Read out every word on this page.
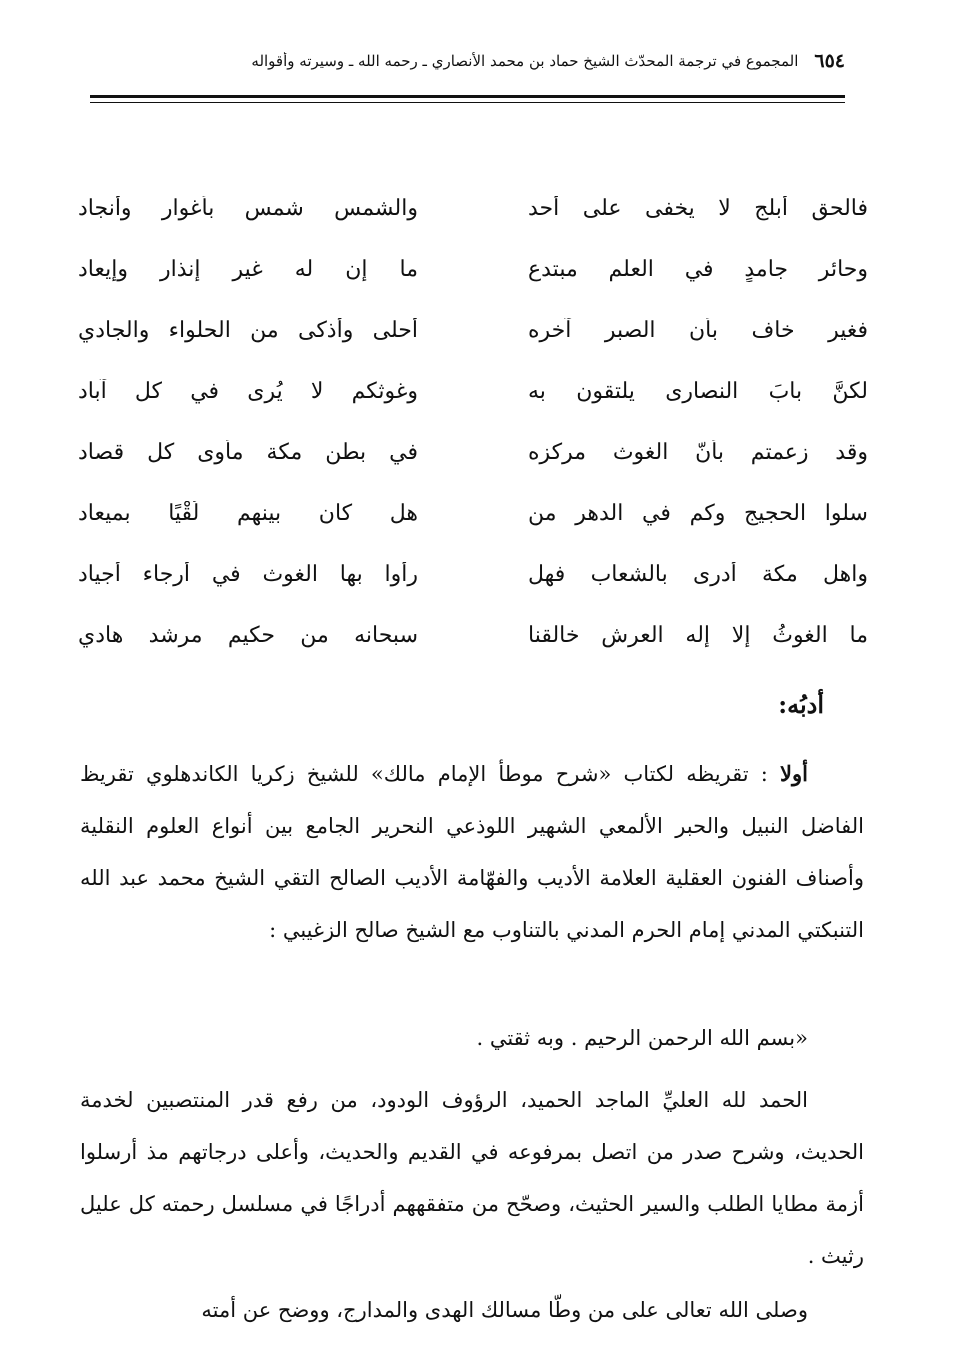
٦٥٤
المجموع في ترجمة المحدّث الشيخ حماد بن محمد الأنصاري ـ رحمه الله ـ وسيرته وأقواله
فالحق أبلج لا يخفى على أحد
والشمس شمس بأغوار وأنجاد
وحائر جامدٍ في العلم مبتدع
ما إن له غير إنذار وإيعاد
فغير خاف بأن الصبر آخره
أحلى وأذكى من الحلواء والجادي
لكنَّ بابَ النصارى يلتقون به
وغوثكم لا يُرى في كل آباد
وقد زعمتم بأنّ الغوث مركزه
في بطن مكة مأوى كل قصاد
سلوا الحجيج وكم في الدهر من
هل كان بينهم لُقْيًا بميعاد
واهل مكة أدرى بالشعاب فهل
رأوا بها الغوث في أرجاء أجياد
ما الغوثُ إلا إله العرش خالقنا
سبحانه من حكيم مرشد هادي
أدبُه:
أولا : تقريظه لكتاب «شرح موطأ الإمام مالك» للشيخ زكريا الكاندهلوي تقريظ الفاضل النبيل والحبر الألمعي الشهير اللوذعي النحرير الجامع بين أنواع العلوم النقلية وأصناف الفنون العقلية العلامة الأديب والفهّامة الأديب الصالح التقي الشيخ محمد عبد الله التنبكتي المدني إمام الحرم المدني بالتناوب مع الشيخ صالح الزغيبي :
«بسم الله الرحمن الرحيم . وبه ثقتي .
الحمد لله العليِّ الماجد الحميد، الرؤوف الودود، من رفع قدر المنتصبين لخدمة الحديث، وشرح صدر من اتصل بمرفوعه في القديم والحديث، وأعلى درجاتهم مذ أرسلوا أزمة مطايا الطلب والسير الحثيث، وصحّح من متفقههم أدراجًا في مسلسل رحمته كل عليل رثيث .
وصلى الله تعالى على من وطّا مسالك الهدى والمدارج، ووضح عن أمته
